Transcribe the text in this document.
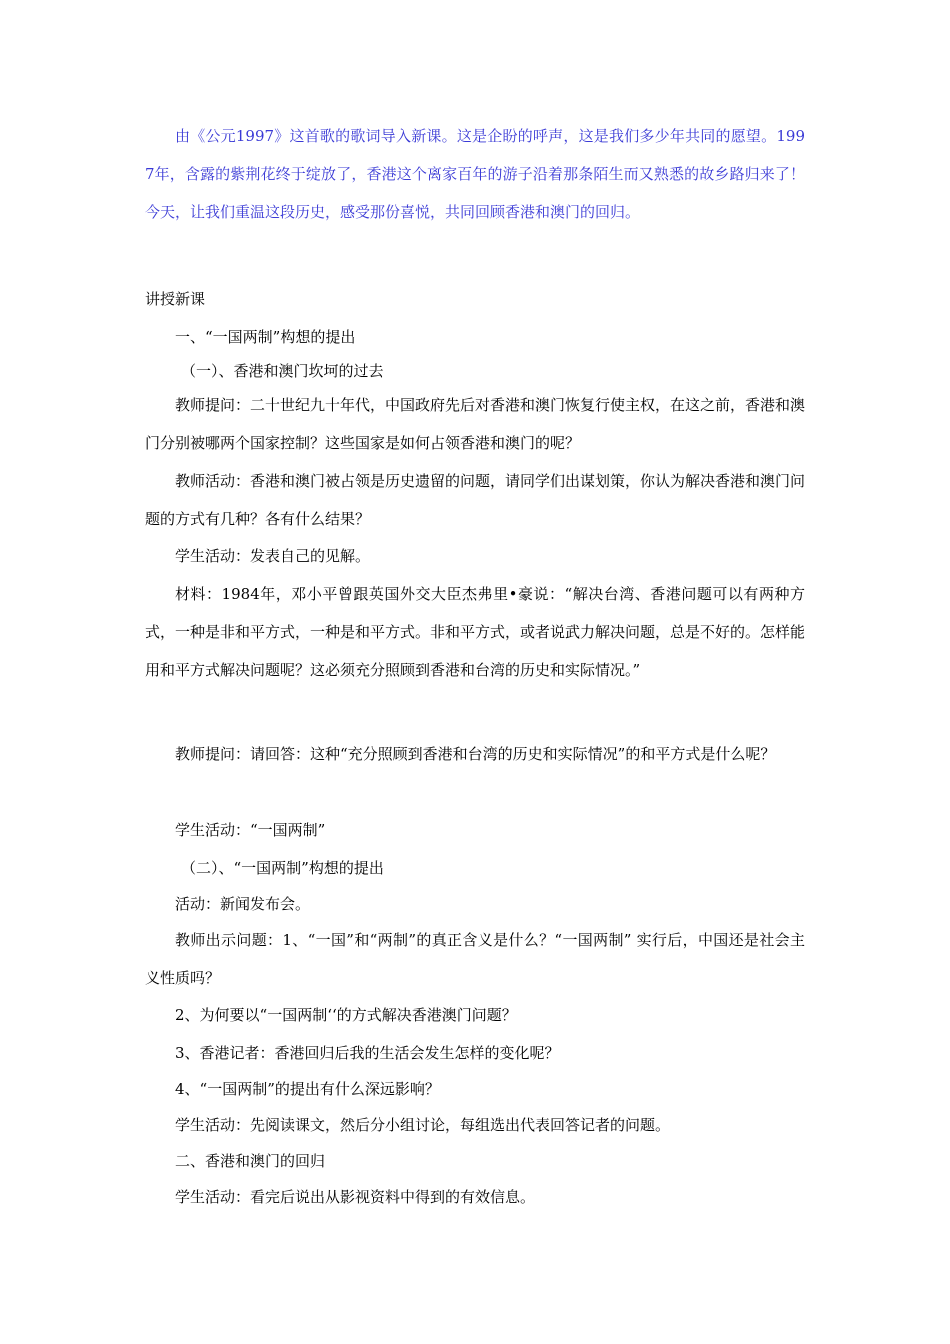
由《公元1997》这首歌的歌词导入新课。这是企盼的呼声，这是我们多少年共同的愿望。1997年，含露的紫荆花终于绽放了，香港这个离家百年的游子沿着那条陌生而又熟悉的故乡路归来了！今天，让我们重温这段历史，感受那份喜悦，共同回顾香港和澳门的回归。

讲授新课

一、“一国两制”构想的提出

（一）、香港和澳门坎坷的过去

教师提问：二十世纪九十年代，中国政府先后对香港和澳门恢复行使主权，在这之前，香港和澳门分别被哪两个国家控制？这些国家是如何占领香港和澳门的呢？

教师活动：香港和澳门被占领是历史遗留的问题，请同学们出谋划策，你认为解决香港和澳门问题的方式有几种？各有什么结果？

学生活动：发表自己的见解。

材料：1984年，邓小平曾跟英国外交大臣杰弗里•豪说：“解决台湾、香港问题可以有两种方式，一种是非和平方式，一种是和平方式。非和平方式，或者说武力解决问题，总是不好的。怎样能用和平方式解决问题呢？这必须充分照顾到香港和台湾的历史和实际情况。”

教师提问：请回答：这种“充分照顾到香港和台湾的历史和实际情况”的和平方式是什么呢？

学生活动：“一国两制”

（二）、“一国两制”构想的提出

活动：新闻发布会。

教师出示问题：1、“一国”和“两制”的真正含义是什么？“一国两制” 实行后，中国还是社会主义性质吗？

2、为何要以“一国两制‘‘的方式解决香港澳门问题？

3、香港记者：香港回归后我的生活会发生怎样的变化呢？

4、“一国两制”的提出有什么深远影响？

学生活动：先阅读课文，然后分小组讨论，每组选出代表回答记者的问题。

二、香港和澳门的回归

学生活动：看完后说出从影视资料中得到的有效信息。
